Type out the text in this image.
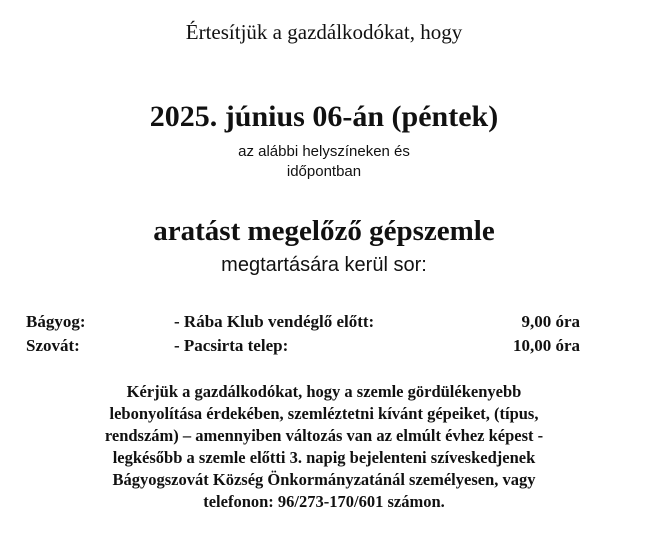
Értesítjük a gazdálkodókat, hogy
2025. június 06-án (péntek)
az alábbi helyszíneken és
időpontban
aratást megelőző gépszemle
megtartására kerül sor:
Bágyog:	- Rába Klub vendéglő előtt:	9,00 óra
Szovát:	- Pacsirta telep:	10,00 óra
Kérjük a gazdálkodókat, hogy a szemle gördülékenyebb
lebonyolítása érdekében, szemléztetni kívánt gépeiket, (típus,
rendszám) – amennyiben változás van az elmúlt évhez képest -
legkésőbb a szemle előtti 3. napig bejelenteni szíveskedjenek
Bágyogszovát Község Önkormányzatánál személyesen, vagy
telefonon: 96/273-170/601 számon.
